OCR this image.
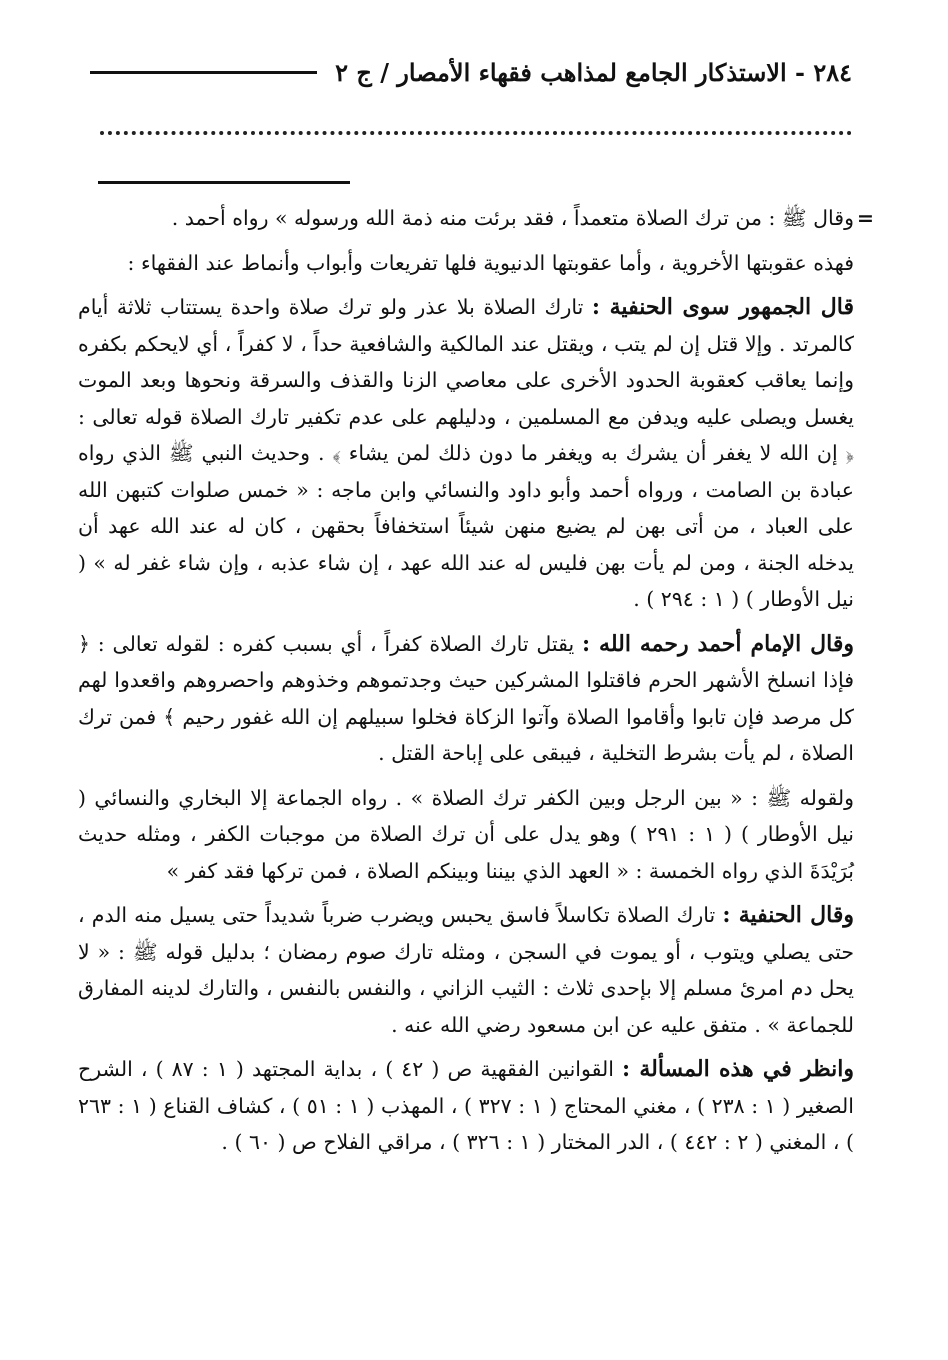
٢٨٤ - الاستذكار الجامع لمذاهب فقهاء الأمصار / ج ٢

=
وقال ﷺ : من ترك الصلاة متعمداً ، فقد برئت منه ذمة الله ورسوله » رواه أحمد .

فهذه عقوبتها الأخروية ، وأما عقوبتها الدنيوية فلها تفريعات وأبواب وأنماط عند الفقهاء :

قال الجمهور سوى الحنفية : تارك الصلاة بلا عذر ولو ترك صلاة واحدة يستتاب ثلاثة أيام كالمرتد . وإلا قتل إن لم يتب ، ويقتل عند المالكية والشافعية حداً ، لا كفراً ، أي لايحكم بكفره وإنما يعاقب كعقوبة الحدود الأخرى على معاصي الزنا والقذف والسرقة ونحوها وبعد الموت يغسل ويصلى عليه ويدفن مع المسلمين ، ودليلهم على عدم تكفير تارك الصلاة قوله تعالى : ﴿ إن الله لا يغفر أن يشرك به ويغفر ما دون ذلك لمن يشاء ﴾ . وحديث النبي ﷺ الذي رواه عبادة بن الصامت ، ورواه أحمد وأبو داود والنسائي وابن ماجه : « خمس صلوات كتبهن الله على العباد ، من أتى بهن لم يضيع منهن شيئاً استخفافاً بحقهن ، كان له عند الله عهد أن يدخله الجنة ، ومن لم يأت بهن فليس له عند الله عهد ، إن شاء عذبه ، وإن شاء غفر له » ( نيل الأوطار ) ( ١ : ٢٩٤ ) .

وقال الإمام أحمد رحمه الله : يقتل تارك الصلاة كفراً ، أي بسبب كفره : لقوله تعالى : ﴿ فإذا انسلخ الأشهر الحرم فاقتلوا المشركين حيث وجدتموهم وخذوهم واحصروهم واقعدوا لهم كل مرصد فإن تابوا وأقاموا الصلاة وآتوا الزكاة فخلوا سبيلهم إن الله غفور رحيم ﴾ فمن ترك الصلاة ، لم يأت بشرط التخلية ، فيبقى على إباحة القتل .

ولقوله ﷺ : « بين الرجل وبين الكفر ترك الصلاة » . رواه الجماعة إلا البخاري والنسائي ( نيل الأوطار ) ( ١ : ٢٩١ ) وهو يدل على أن ترك الصلاة من موجبات الكفر ، ومثله حديث بُرَيْدَةَ الذي رواه الخمسة : « العهد الذي بيننا وبينكم الصلاة ، فمن تركها فقد كفر »

وقال الحنفية : تارك الصلاة تكاسلاً فاسق يحبس ويضرب ضرباً شديداً حتى يسيل منه الدم ، حتى يصلي ويتوب ، أو يموت في السجن ، ومثله تارك صوم رمضان ؛ بدليل قوله ﷺ : « لا يحل دم امرئ مسلم إلا بإحدى ثلاث : الثيب الزاني ، والنفس بالنفس ، والتارك لدينه المفارق للجماعة » . متفق عليه عن ابن مسعود رضي الله عنه .

وانظر في هذه المسألة : القوانين الفقهية ص ( ٤٢ ) ، بداية المجتهد ( ١ : ٨٧ ) ، الشرح الصغير ( ١ : ٢٣٨ ) ، مغني المحتاج ( ١ : ٣٢٧ ) ، المهذب ( ١ : ٥١ ) ، كشاف القناع ( ١ : ٢٦٣ ) ، المغني ( ٢ : ٤٤٢ ) ، الدر المختار ( ١ : ٣٢٦ ) ، مراقي الفلاح ص ( ٦٠ ) .
